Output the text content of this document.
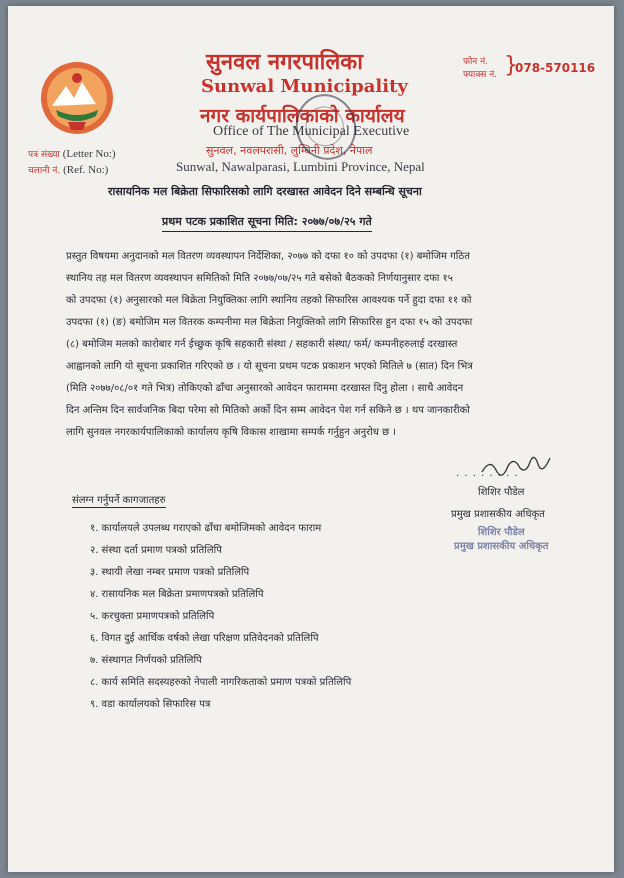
सुनवल नगरपालिका
Sunwal Municipality
नगर कार्यपालिकाको कार्यालय
Office of The Municipal Executive
सुनवल, नवलपरासी, लुम्बिनी प्रदेश, नेपाल
Sunwal, Nawalparasi, Lumbini Province, Nepal
फोन नं.
फ्याक्स नं. }
078-570116
पत्र संख्या (Letter No:)
चलानी नं. (Ref. No:)
रासायनिक मल बिक्रेता सिफारिसको लागि दरखास्त आवेदन दिने सम्बन्धि सूचना
प्रथम पटक प्रकाशित सूचना मिति: २०७७/०७/२५ गते
प्रस्तुत विषयमा अनुदानको मल वितरण व्यवस्थापन निर्देशिका, २०७७ को दफा १० को उपदफा (१) बमोजिम गठित
स्थानिय तह मल वितरण व्यवस्थापन समितिको मिति २०७७/०७/२५ गते बसेको बैठकको निर्णयानुसार दफा १५
को उपदफा (१) अनुसारको मल बिक्रेता नियुक्तिका लागि स्थानिय तहको सिफारिस आवश्यक पर्ने हुदा दफा ११ को
उपदफा (१) (ङ) बमोजिम मल वितरक कम्पनीमा मल बिक्रेता नियुक्तिको लागि सिफारिस हुन दफा १५ को उपदफा
(८) बमोजिम मलको कारोबार गर्न ईच्छुक कृषि सहकारी संस्था / सहकारी संस्था/ फर्म/ कम्पनीहरुलाई दरखास्त
आह्वानको लागि यो सूचना प्रकाशित गरिएको छ । यो सूचना प्रथम पटक प्रकाशन भएको मितिले ७ (सात) दिन भित्र
(मिति २०७७/०८/०१ गते भित्र) तोकिएको ढाँचा अनुसारको आवेदन फाराममा दरखास्त दिनु होला । साथै आवेदन
दिन अन्तिम दिन सार्वजनिक बिदा परेमा सो मितिको अर्को दिन सम्म आवेदन पेश गर्न सकिने छ । थप जानकारीको
लागि सुनवल नगरकार्यपालिकाको कार्यालय कृषि विकास शाखामा सम्पर्क गर्नुहुन अनुरोध छ ।
. . . . . . . .
शिशिर पौडेल
प्रमुख प्रशासकीय अधिकृत
शिशिर पौडेल
प्रमुख प्रशासकीय अधिकृत
संलग्न गर्नुपर्ने कागजातहरु
१. कार्यालयले उपलब्ध गराएको ढाँचा बमोजिमको आवेदन फाराम
२. संस्था दर्ता प्रमाण पत्रको प्रतिलिपि
३. स्थायी लेखा नम्बर प्रमाण पत्रको प्रतिलिपि
४. रासायनिक मल बिक्रेता प्रमाणपत्रको प्रतिलिपि
५. करचुक्ता प्रमाणपत्रको प्रतिलिपि
६. विगत दुई आर्थिक वर्षको लेखा परिक्षण प्रतिवेदनको प्रतिलिपि
७. संस्थागत निर्णयको प्रतिलिपि
८. कार्य समिति सदस्यहरुको नेपाली नागरिकताको प्रमाण पत्रको प्रतिलिपि
९. वडा कार्यालयको सिफारिस पत्र
